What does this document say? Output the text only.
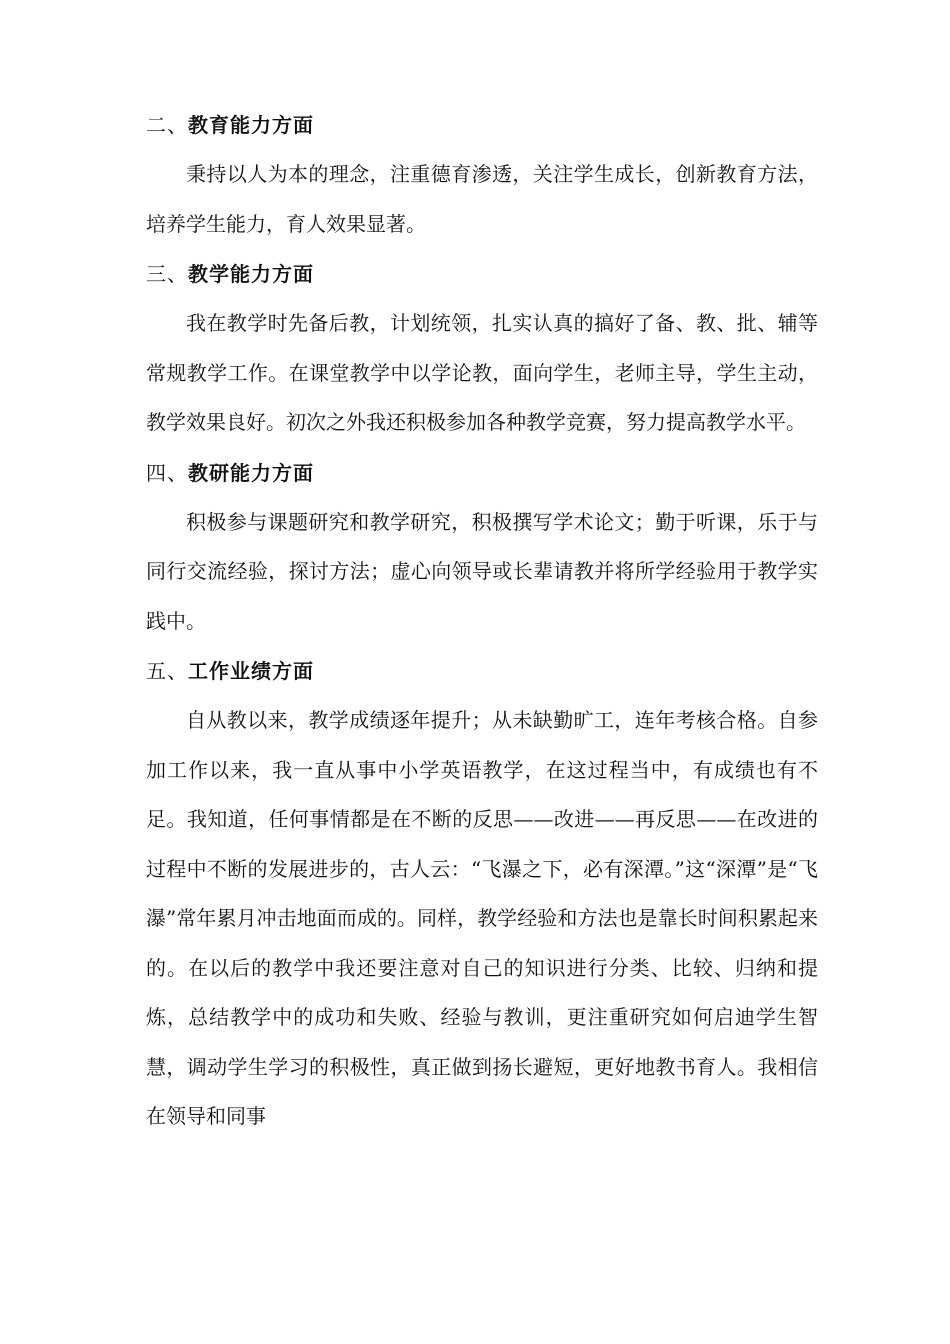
二、教育能力方面

秉持以人为本的理念，注重德育渗透，关注学生成长，创新教育方法，培养学生能力，育人效果显著。

三、教学能力方面

我在教学时先备后教，计划统领，扎实认真的搞好了备、教、批、辅等常规教学工作。在课堂教学中以学论教，面向学生，老师主导，学生主动，教学效果良好。初次之外我还积极参加各种教学竞赛，努力提高教学水平。

四、教研能力方面

积极参与课题研究和教学研究，积极撰写学术论文；勤于听课，乐于与同行交流经验，探讨方法；虚心向领导或长辈请教并将所学经验用于教学实践中。

五、工作业绩方面

自从教以来，教学成绩逐年提升；从未缺勤旷工，连年考核合格。自参加工作以来，我一直从事中小学英语教学，在这过程当中，有成绩也有不足。我知道，任何事情都是在不断的反思——改进——再反思——在改进的过程中不断的发展进步的，古人云：“飞瀑之下，必有深潭。”这“深潭”是“飞瀑”常年累月冲击地面而成的。同样，教学经验和方法也是靠长时间积累起来的。在以后的教学中我还要注意对自己的知识进行分类、比较、归纳和提炼，总结教学中的成功和失败、经验与教训，更注重研究如何启迪学生智慧，调动学生学习的积极性，真正做到扬长避短，更好地教书育人。我相信在领导和同事
